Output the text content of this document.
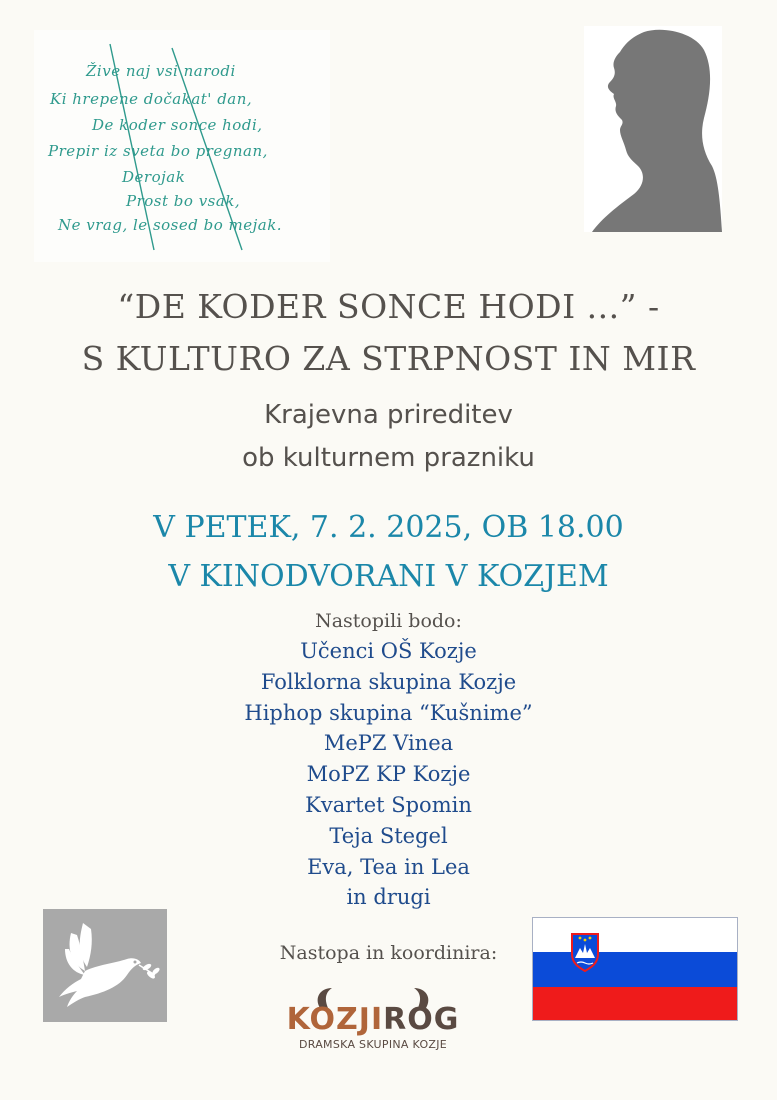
Žive naj vsi narodi
Ki hrepene dočakat' dan,
De koder sonce hodi,
Prepir iz sveta bo pregnan,
Derojak
Prost bo vsak,
Ne vrag, le sosed bo mejak.
“DE KODER SONCE HODI ...” -
S KULTURO ZA STRPNOST IN MIR
Krajevna prireditev
ob kulturnem prazniku
V PETEK, 7. 2. 2025, OB 18.00
V KINODVORANI V KOZJEM
Nastopili bodo:
Učenci OŠ Kozje
Folklorna skupina Kozje
Hiphop skupina “Kušnime”
MePZ Vinea
MoPZ KP Kozje
Kvartet Spomin
Teja Stegel
Eva, Tea in Lea
in drugi
Nastopa in koordinira:
KOZJIROG
DRAMSKA SKUPINA KOZJE
